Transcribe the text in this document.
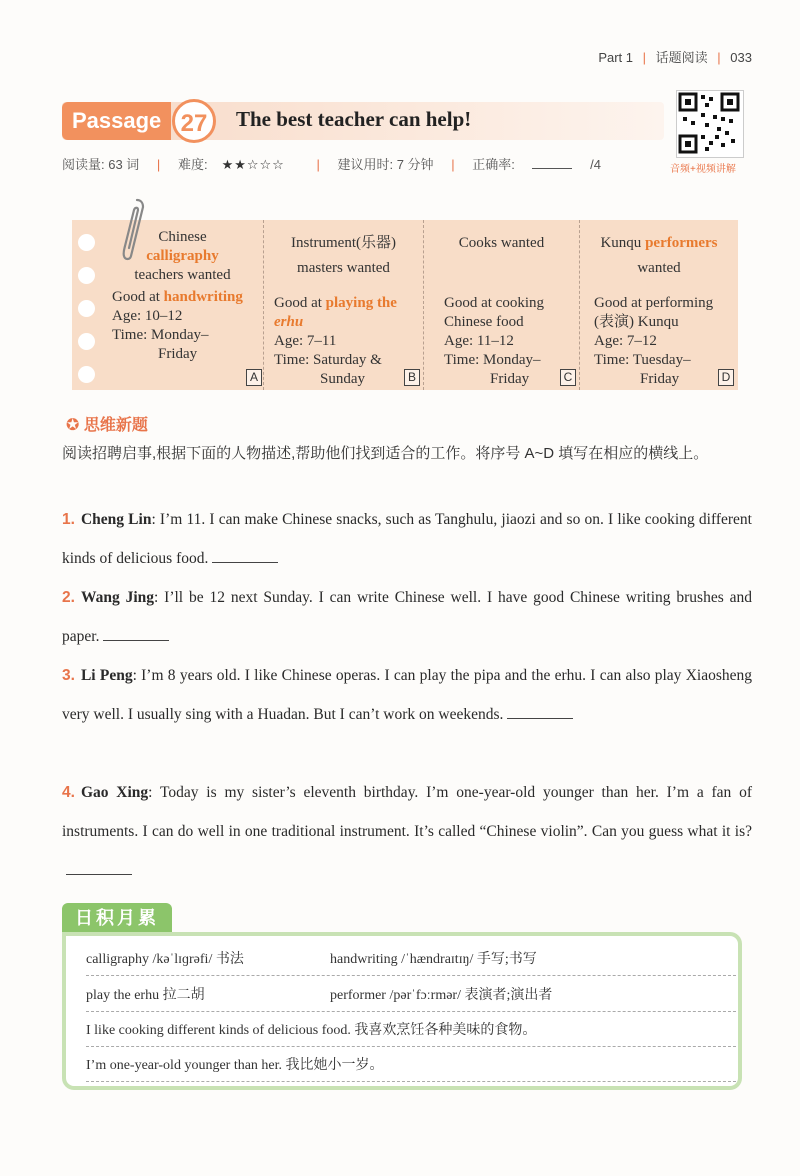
Part 1 | 话题阅读 | 033
Passage 27	The best teacher can help!
音频+视频讲解
阅读量: 63 词 | 难度: ★★☆☆☆ | 建议用时: 7 分钟 | 正确率:	/4
Chinese
calligraphy
teachers wanted
Good at handwriting
Age: 10–12
Time: Monday–
Friday
A
Instrument(乐器)
masters wanted
Good at playing the
erhu
Age: 7–11
Time: Saturday &
Sunday	B
Cooks wanted
Good at cooking
Chinese food
Age: 11–12
Time: Monday–
Friday	C
Kunqu performers
wanted
Good at performing
(表演) Kunqu
Age: 7–12
Time: Tuesday–
Friday	D
✪ 思维新题
阅读招聘启事,根据下面的人物描述,帮助他们找到适合的工作。将序号 A~D 填写在相应的横线上。
1. Cheng Lin: I’m 11. I can make Chinese snacks, such as Tanghulu, jiaozi and so on. I like cooking different kinds of delicious food.
2. Wang Jing: I’ll be 12 next Sunday. I can write Chinese well. I have good Chinese writing brushes and paper.
3. Li Peng: I’m 8 years old. I like Chinese operas. I can play the pipa and the erhu. I can also play Xiaosheng very well. I usually sing with a Huadan. But I can’t work on weekends.
4. Gao Xing: Today is my sister’s eleventh birthday. I’m one-year-old younger than her. I’m a fan of instruments. I can do well in one traditional instrument. It’s called “Chinese violin”. Can you guess what it is?
日积月累
calligraphy /kəˈlɪɡrəfi/ 书法	handwriting /ˈhændraɪtɪŋ/ 手写;书写
play the erhu 拉二胡	performer /pərˈfɔːrmər/ 表演者;演出者
I like cooking different kinds of delicious food. 我喜欢烹饪各种美味的食物。
I’m one-year-old younger than her. 我比她小一岁。
